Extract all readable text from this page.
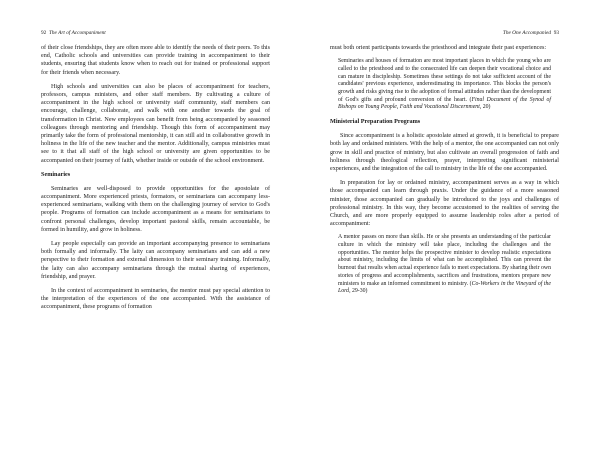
92 The Art of Accompaniment

of their close friendships, they are often more able to identify the needs of their peers. To this end, Catholic schools and universities can provide training in accompaniment to their students, ensuring that students know when to reach out for trained or professional support for their friends when necessary.

High schools and universities can also be places of accompaniment for teachers, professors, campus ministers, and other staff members. By cultivating a culture of accompaniment in the high school or university staff community, staff members can encourage, challenge, collaborate, and walk with one another towards the goal of transformation in Christ. New employees can benefit from being accompanied by seasoned colleagues through mentoring and friendship. Though this form of accompaniment may primarily take the form of professional mentorship, it can still aid in collaborative growth in holiness in the life of the new teacher and the mentor. Additionally, campus ministries must see to it that all staff of the high school or university are given opportunities to be accompanied on their journey of faith, whether inside or outside of the school environment.

Seminaries

Seminaries are well-disposed to provide opportunities for the apostolate of accompaniment. More experienced priests, formators, or seminarians can accompany less-experienced seminarians, walking with them on the challenging journey of service to God's people. Programs of formation can include accompaniment as a means for seminarians to confront personal challenges, develop important pastoral skills, remain accountable, be formed in humility, and grow in holiness.

Lay people especially can provide an important accompanying presence to seminarians both formally and informally. The laity can accompany seminarians and can add a new perspective to their formation and external dimension to their seminary training. Informally, the laity can also accompany seminarians through the mutual sharing of experiences, friendship, and prayer.

In the context of accompaniment in seminaries, the mentor must pay special attention to the interpretation of the experiences of the one accompanied. With the assistance of accompaniment, these programs of formation

The One Accompanied 93

must both orient participants towards the priesthood and integrate their past experiences:

Seminaries and houses of formation are most important places in which the young who are called to the priesthood and to the consecrated life can deepen their vocational choice and can mature in discipleship. Sometimes these settings do not take sufficient account of the candidates' previous experience, underestimating its importance. This blocks the person's growth and risks giving rise to the adoption of formal attitudes rather than the development of God's gifts and profound conversion of the heart. (Final Document of the Synod of Bishops on Young People, Faith and Vocational Discernment, 20)
Ministerial Preparation Programs

Since accompaniment is a holistic apostolate aimed at growth, it is beneficial to prepare both lay and ordained ministers. With the help of a mentor, the one accompanied can not only grow in skill and practice of ministry, but also cultivate an overall progression of faith and holiness through theological reflection, prayer, interpreting significant ministerial experiences, and the integration of the call to ministry in the life of the one accompanied.

In preparation for lay or ordained ministry, accompaniment serves as a way in which those accompanied can learn through praxis. Under the guidance of a more seasoned minister, those accompanied can gradually be introduced to the joys and challenges of professional ministry. In this way, they become accustomed to the realities of serving the Church, and are more properly equipped to assume leadership roles after a period of accompaniment:

A mentor passes on more than skills. He or she presents an understanding of the particular culture in which the ministry will take place, including the challenges and the opportunities. The mentor helps the prospective minister to develop realistic expectations about ministry, including the limits of what can be accomplished. This can prevent the burnout that results when actual experience fails to meet expectations. By sharing their own stories of progress and accomplishments, sacrifices and frustrations, mentors prepare new ministers to make an informed commitment to ministry. (Co-Workers in the Vineyard of the Lord, 29-30)
